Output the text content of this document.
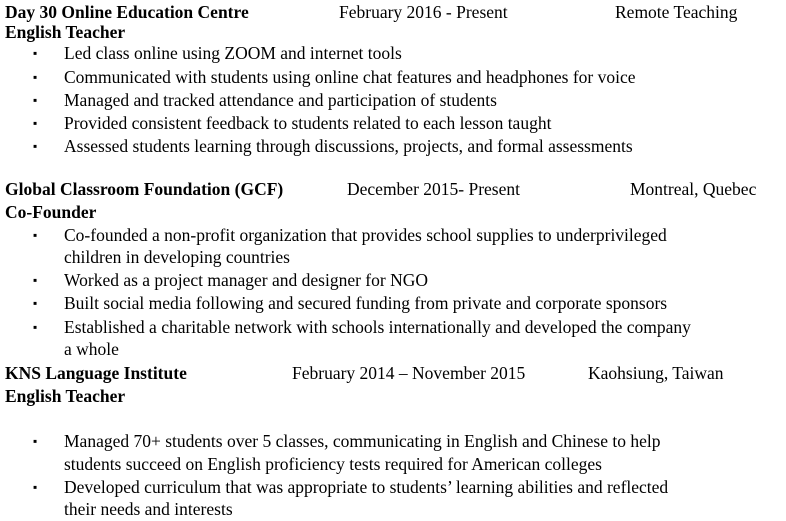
Day 30 Online Education Centre	February 2016 - Present	Remote Teaching
English Teacher
▪ Led class online using ZOOM and internet tools
▪ Communicated with students using online chat features and headphones for voice
▪ Managed and tracked attendance and participation of students
▪ Provided consistent feedback to students related to each lesson taught
▪ Assessed students learning through discussions, projects, and formal assessments
Global Classroom Foundation (GCF)	December 2015- Present	Montreal, Quebec
Co-Founder
▪ Co-founded a non-profit organization that provides school supplies to underprivileged
children in developing countries
▪ Worked as a project manager and designer for NGO
▪ Built social media following and secured funding from private and corporate sponsors
▪ Established a charitable network with schools internationally and developed the company
a whole
KNS Language Institute	February 2014 – November 2015	Kaohsiung, Taiwan
English Teacher
▪ Managed 70+ students over 5 classes, communicating in English and Chinese to help
students succeed on English proficiency tests required for American colleges
▪ Developed curriculum that was appropriate to students’ learning abilities and reflected
their needs and interests
